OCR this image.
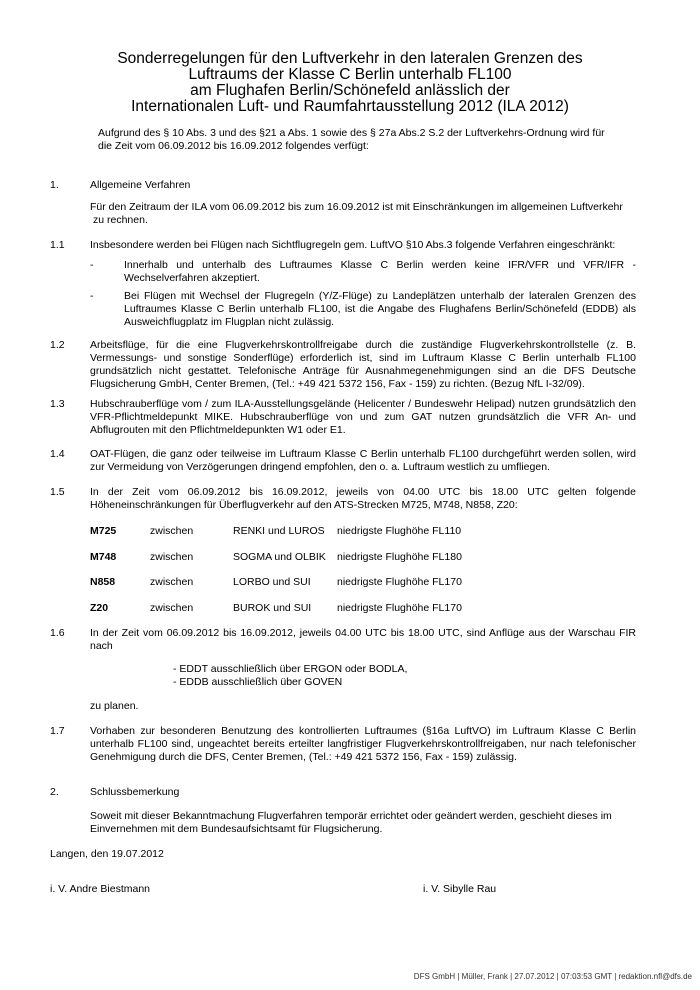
Sonderregelungen für den Luftverkehr in den lateralen Grenzen des
Luftraums der Klasse C Berlin unterhalb FL100
am Flughafen Berlin/Schönefeld anlässlich der
Internationalen Luft- und Raumfahrtausstellung 2012 (ILA 2012)
Aufgrund des § 10 Abs. 3 und des §21 a Abs. 1 sowie des § 27a Abs.2 S.2 der Luftverkehrs-Ordnung wird für
die Zeit vom 06.09.2012 bis 16.09.2012 folgendes verfügt:
1.	Allgemeine Verfahren
Für den Zeitraum der ILA vom 06.09.2012 bis zum 16.09.2012 ist mit Einschränkungen im allgemeinen Luftverkehr
zu rechnen.
1.1 Insbesondere werden bei Flügen nach Sichtflugregeln gem. LuftVO §10 Abs.3 folgende Verfahren eingeschränkt:
-	Innerhalb und unterhalb des Luftraumes Klasse C Berlin werden keine IFR/VFR und VFR/IFR - Wechselverfahren akzeptiert.
-	Bei Flügen mit Wechsel der Flugregeln (Y/Z-Flüge) zu Landeplätzen unterhalb der lateralen Grenzen des Luftraumes Klasse C Berlin unterhalb FL100, ist die Angabe des Flughafens Berlin/Schönefeld (EDDB) als Ausweichflugplatz im Flugplan nicht zulässig.
1.2 Arbeitsflüge, für die eine Flugverkehrskontrollfreigabe durch die zuständige Flugverkehrskontrollstelle (z. B. Vermessungs- und sonstige Sonderflüge) erforderlich ist, sind im Luftraum Klasse C Berlin unterhalb FL100 grundsätzlich nicht gestattet. Telefonische Anträge für Ausnahmegenehmigungen sind an die DFS Deutsche Flugsicherung GmbH, Center Bremen, (Tel.: +49 421 5372 156, Fax - 159) zu richten. (Bezug NfL I-32/09).
1.3 Hubschrauberflüge vom / zum ILA-Ausstellungsgelände (Helicenter / Bundeswehr Helipad) nutzen grundsätzlich den VFR-Pflichtmeldepunkt MIKE. Hubschrauberflüge von und zum GAT nutzen grundsätzlich die VFR An- und Abflugrouten mit den Pflichtmeldepunkten W1 oder E1.
1.4 OAT-Flügen, die ganz oder teilweise im Luftraum Klasse C Berlin unterhalb FL100 durchgeführt werden sollen, wird zur Vermeidung von Verzögerungen dringend empfohlen, den o. a. Luftraum westlich zu umfliegen.
1.5 In der Zeit vom 06.09.2012 bis 16.09.2012, jeweils von 04.00 UTC bis 18.00 UTC gelten folgende Höheneinschränkungen für Überflugverkehr auf den ATS-Strecken M725, M748, N858, Z20:
M725	zwischen	RENKI und LUROS niedrigste Flughöhe FL110
M748	zwischen	SOGMA und OLBIK niedrigste Flughöhe FL180
N858	zwischen	LORBO und SUI	niedrigste Flughöhe FL170
Z20	zwischen	BUROK und SUI niedrigste Flughöhe FL170
1.6 In der Zeit vom 06.09.2012 bis 16.09.2012, jeweils 04.00 UTC bis 18.00 UTC, sind Anflüge aus der Warschau FIR nach
- EDDT ausschließlich über ERGON oder BODLA,
- EDDB ausschließlich über GOVEN
zu planen.
1.7 Vorhaben zur besonderen Benutzung des kontrollierten Luftraumes (§16a LuftVO) im Luftraum Klasse C Berlin unterhalb FL100 sind, ungeachtet bereits erteilter langfristiger Flugverkehrskontrollfreigaben, nur nach telefonischer Genehmigung durch die DFS, Center Bremen, (Tel.: +49 421 5372 156, Fax - 159) zulässig.
2.	Schlussbemerkung
Soweit mit dieser Bekanntmachung Flugverfahren temporär errichtet oder geändert werden, geschieht dieses im
Einvernehmen mit dem Bundesaufsichtsamt für Flugsicherung.
Langen, den 19.07.2012
i. V. Andre Biestmann	i. V. Sibylle Rau
DFS GmbH | Müller, Frank | 27.07.2012 | 07:03:53 GMT | redaktion.nfl@dfs.de
